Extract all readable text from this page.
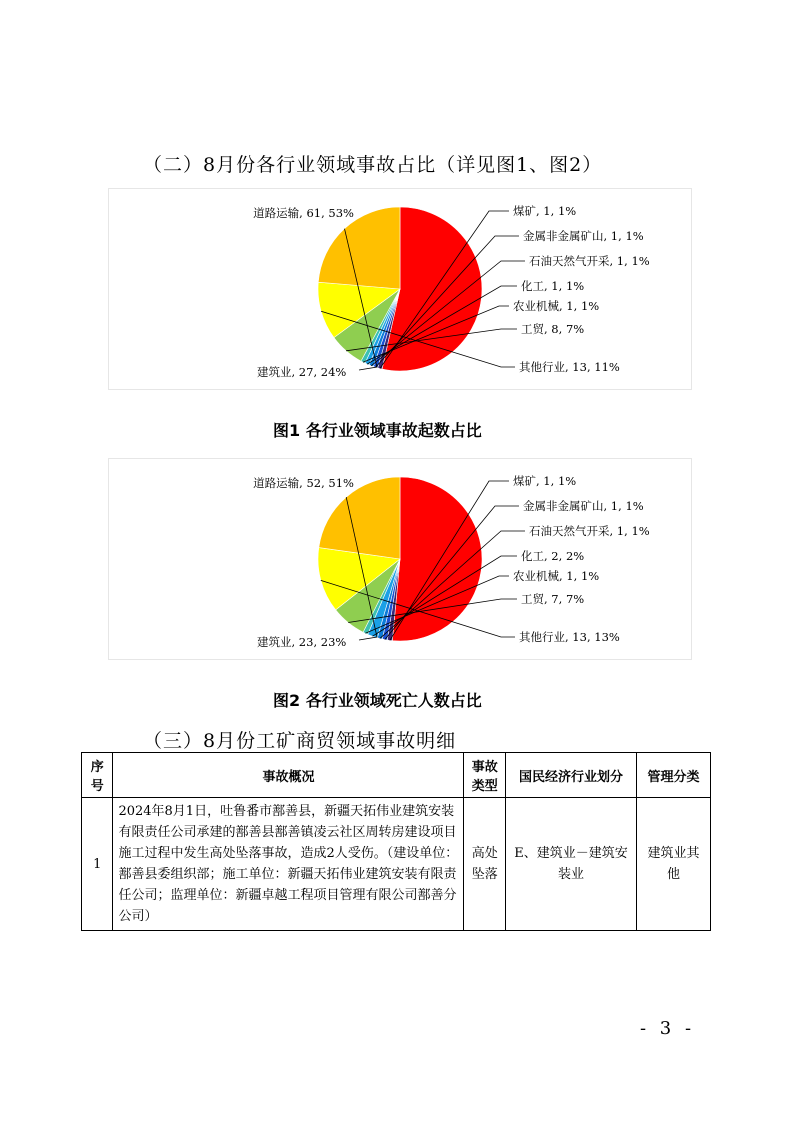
（二）8月份各行业领域事故占比（详见图1、图2）
道路运输, 61, 53%	煤矿, 1, 1%
金属非金属矿山, 1, 1%
石油天然气开采, 1, 1%
化工, 1, 1%
农业机械, 1, 1%
工贸, 8, 7%
其他行业, 13, 11%
建筑业, 27, 24%
图1 各行业领域事故起数占比
道路运输, 52, 51%	煤矿, 1, 1%
金属非金属矿山, 1, 1%
石油天然气开采, 1, 1%
化工, 2, 2%
农业机械, 1, 1%
工贸, 7, 7%
其他行业, 13, 13%
建筑业, 23, 23%
图2 各行业领域死亡人数占比
（三）8月份工矿商贸领域事故明细
序号	事故概况	事故类型	国民经济行业划分	管理分类
1	2024年8月1日，吐鲁番市鄯善县，新疆天拓伟业建筑安装有限责任公司承建的鄯善县鄯善镇凌云社区周转房建设项目施工过程中发生高处坠落事故，造成2人受伤。（建设单位：鄯善县委组织部；施工单位：新疆天拓伟业建筑安装有限责任公司；监理单位：新疆卓越工程项目管理有限公司鄯善分公司）	高处坠落	E、建筑业－建筑安装业	建筑业其他
- 3 -
